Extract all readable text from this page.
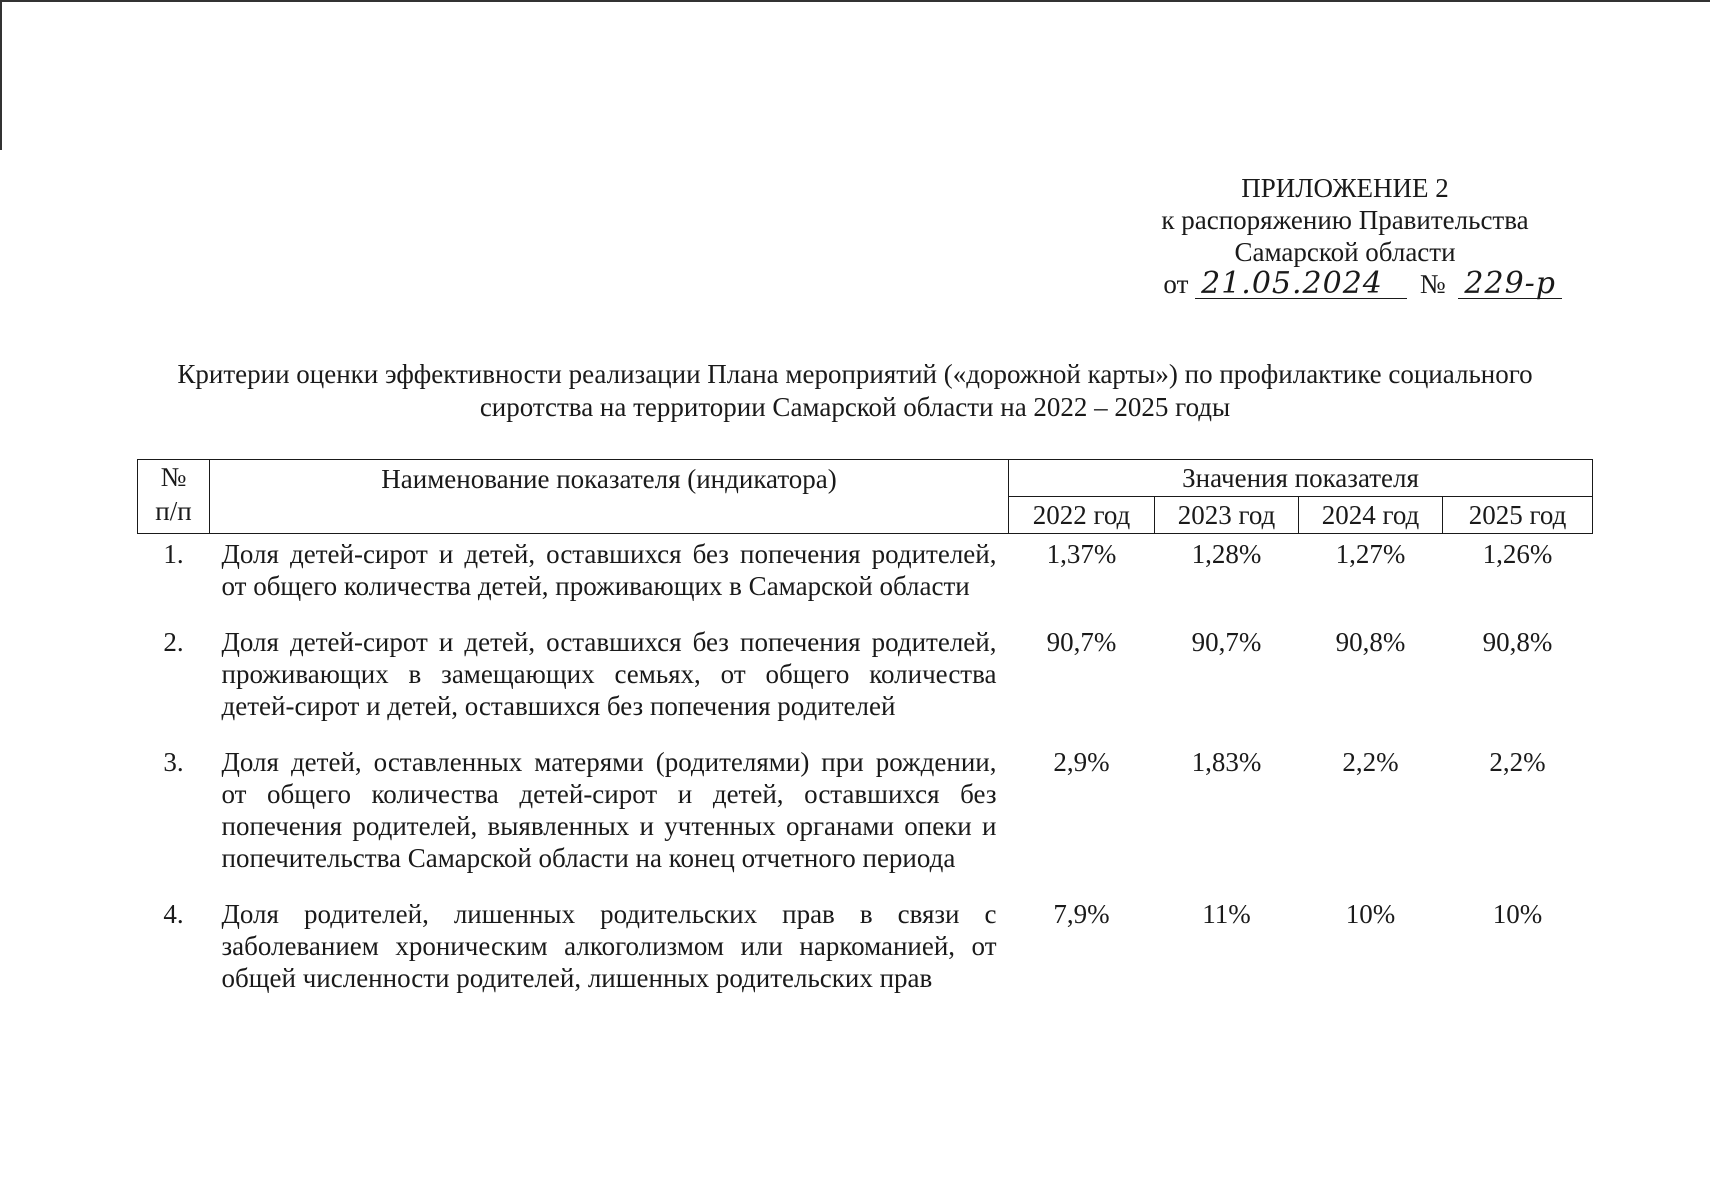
ПРИЛОЖЕНИЕ 2
к распоряжению Правительства
Самарской области
от 21.05.2024 № 229-р
Критерии оценки эффективности реализации Плана мероприятий («дорожной карты») по профилактике социального сиротства на территории Самарской области на 2022 – 2025 годы
№
п/п	Наименование показателя (индикатора)	Значения показателя			
		2022 год	2023 год	2024 год	2025 год
1.	Доля детей-сирот и детей, оставшихся без попечения родителей, от общего количества детей, проживающих в Самарской области	1,37%	1,28%	1,27%	1,26%
2.	Доля детей-сирот и детей, оставшихся без попечения родителей, проживающих в замещающих семьях, от общего количества детей-сирот и детей, оставшихся без попечения родителей	90,7%	90,7%	90,8%	90,8%
3.	Доля детей, оставленных матерями (родителями) при рождении, от общего количества детей-сирот и детей, оставшихся без попечения родителей, выявленных и учтенных органами опеки и попечительства Самарской области на конец отчетного периода	2,9%	1,83%	2,2%	2,2%
4.	Доля родителей, лишенных родительских прав в связи с заболеванием хроническим алкоголизмом или наркоманией, от общей численности родителей, лишенных родительских прав	7,9%	11%	10%	10%
